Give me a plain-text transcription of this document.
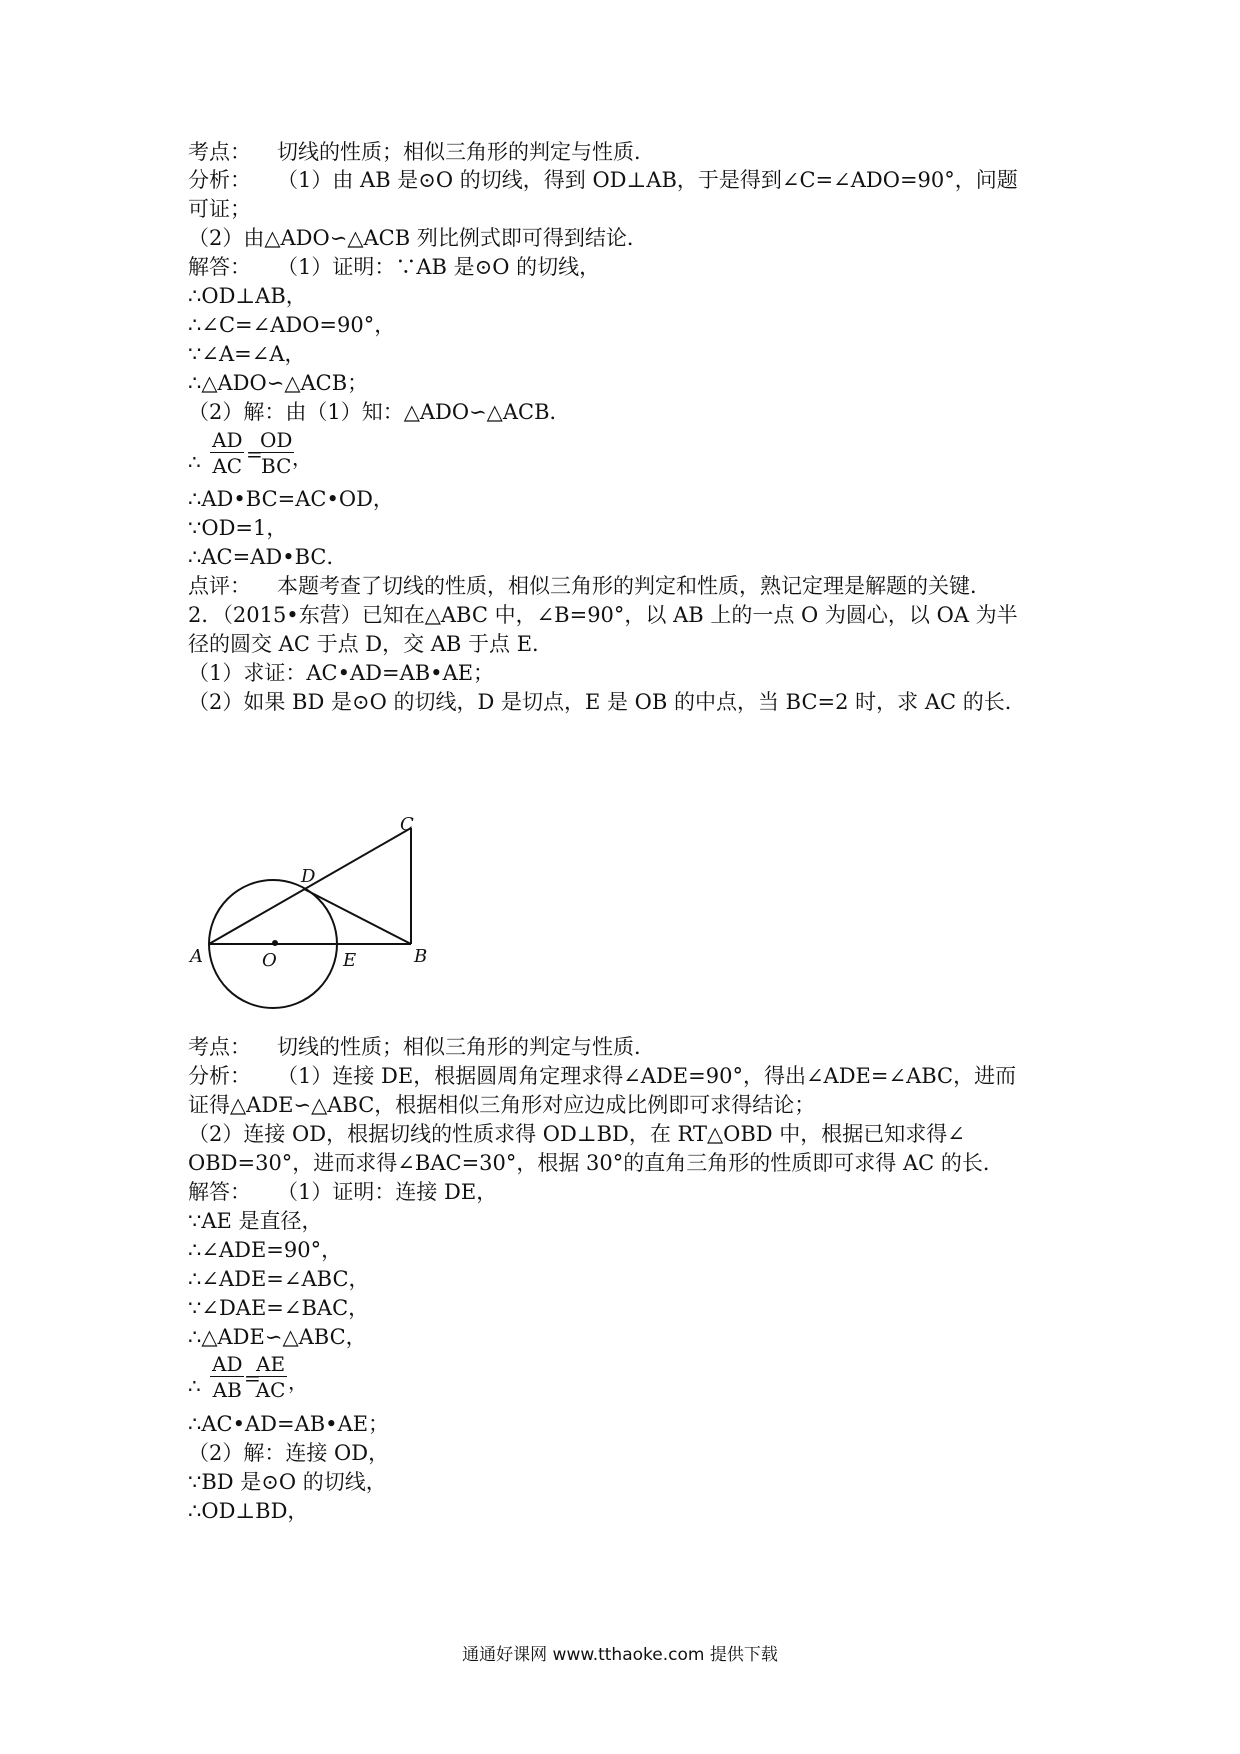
考点： 切线的性质；相似三角形的判定与性质．
分析： （1）由 AB 是⊙O 的切线，得到 OD⊥AB，于是得到∠C=∠ADO=90°，问题
可证；
（2）由△ADO∽△ACB 列比例式即可得到结论．
解答： （1）证明：∵AB 是⊙O 的切线，
∴OD⊥AB，
∴∠C=∠ADO=90°，
∵∠A=∠A，
∴△ADO∽△ACB；
（2）解：由（1）知：△ADO∽△ACB．
∴ $\frac{AD}{AC}$ =
$\frac{OD}{BC}$
，
∴AD•BC=AC•OD，
∵OD=1，
∴AC=AD•BC．
点评： 本题考查了切线的性质，相似三角形的判定和性质，熟记定理是解题的关键．
2．（2015•东营）已知在△ABC 中，∠B=90°，以 AB 上的一点 O 为圆心，以 OA 为半
径的圆交 AC 于点 D，交 AB 于点 E．
（1）求证：AC•AD=AB•AE；
（2）如果 BD 是⊙O 的切线，D 是切点，E 是 OB 的中点，当 BC=2 时，求 AC 的长．
A	B
C
D
E
O
考点： 切线的性质；相似三角形的判定与性质．
分析： （1）连接 DE，根据圆周角定理求得∠ADE=90°，得出∠ADE=∠ABC，进而
证得△ADE∽△ABC，根据相似三角形对应边成比例即可求得结论；
（2）连接 OD，根据切线的性质求得 OD⊥BD，在 RT△OBD 中，根据已知求得∠
OBD=30°，进而求得∠BAC=30°，根据 30°的直角三角形的性质即可求得 AC 的长．
解答： （1）证明：连接 DE，
∵AE 是直径，
∴∠ADE=90°，
∴∠ADE=∠ABC，
∵∠DAE=∠BAC，
∴△ADE∽△ABC，
∴ $\frac{AD}{AB}$ =
$\frac{AE}{AC}$ ，
∴AC•AD=AB•AE；
（2）解：连接 OD，
∵BD 是⊙O 的切线，
∴OD⊥BD，
通通好课网 www.tthaoke.com 提供下载
